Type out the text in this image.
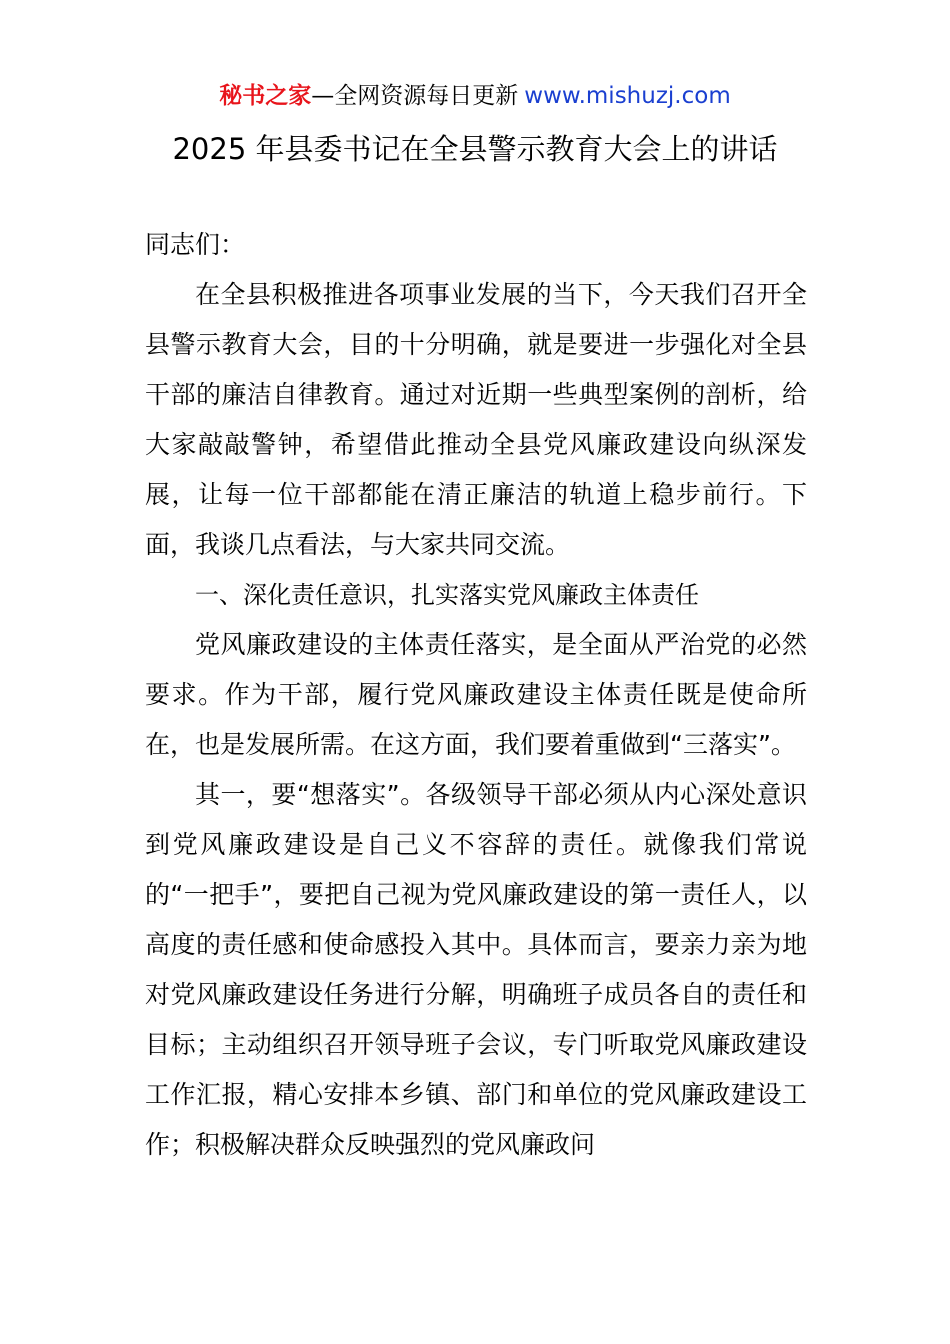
秘书之家—全网资源每日更新 www.mishuzj.com
2025 年县委书记在全县警示教育大会上的讲话

同志们：

在全县积极推进各项事业发展的当下，今天我们召开全县警示教育大会，目的十分明确，就是要进一步强化对全县干部的廉洁自律教育。通过对近期一些典型案例的剖析，给大家敲敲警钟，希望借此推动全县党风廉政建设向纵深发展，让每一位干部都能在清正廉洁的轨道上稳步前行。下面，我谈几点看法，与大家共同交流。

一、深化责任意识，扎实落实党风廉政主体责任

党风廉政建设的主体责任落实，是全面从严治党的必然要求。作为干部，履行党风廉政建设主体责任既是使命所在，也是发展所需。在这方面，我们要着重做到“三落实”。

其一，要“想落实”。各级领导干部必须从内心深处意识到党风廉政建设是自己义不容辞的责任。就像我们常说的“一把手”，要把自己视为党风廉政建设的第一责任人，以高度的责任感和使命感投入其中。具体而言，要亲力亲为地对党风廉政建设任务进行分解，明确班子成员各自的责任和目标；主动组织召开领导班子会议，专门听取党风廉政建设工作汇报，精心安排本乡镇、部门和单位的党风廉政建设工作；积极解决群众反映强烈的党风廉政问
